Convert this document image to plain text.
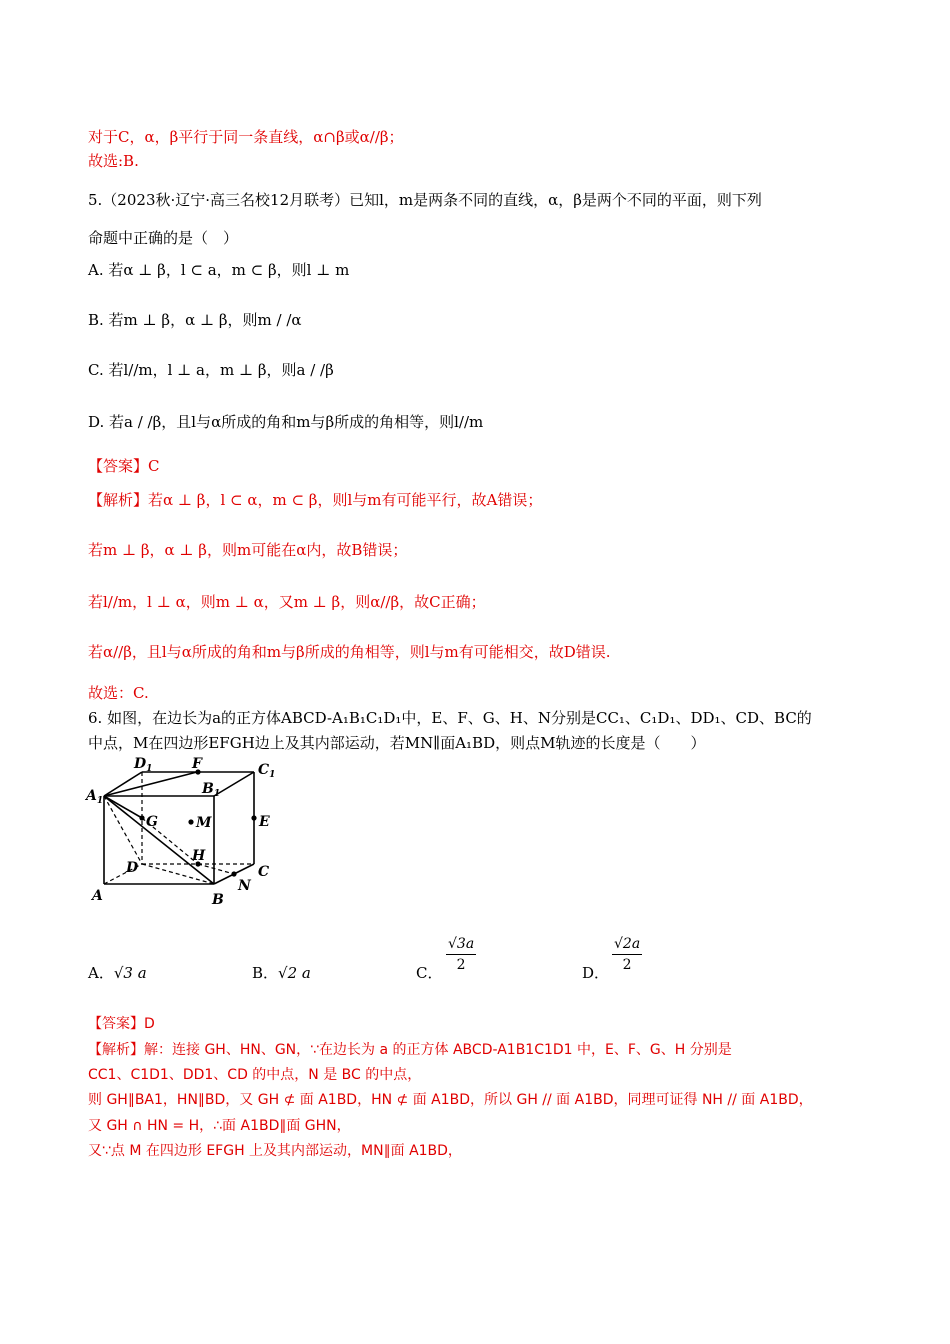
对于C，α，β平行于同一条直线，α∩β或α//β；
故选:B.
5.（2023秋·辽宁·高三名校12月联考）已知l，m是两条不同的直线，α，β是两个不同的平面，则下列
命题中正确的是（　）
A. 若α ⊥ β，l ⊂ a，m ⊂ β，则l ⊥ m
B. 若m ⊥ β，α ⊥ β，则m / /α
C. 若l//m，l ⊥ a，m ⊥ β，则a / /β
D. 若a / /β，且l与α所成的角和m与β所成的角相等，则l//m
【答案】C
【解析】若α ⊥ β，l ⊂ α，m ⊂ β，则l与m有可能平行，故A错误；
若m ⊥ β，α ⊥ β，则m可能在α内，故B错误；
若l//m，l ⊥ α，则m ⊥ α，又m ⊥ β，则α//β，故C正确；
若α//β，且l与α所成的角和m与β所成的角相等，则l与m有可能相交，故D错误.
故选：C.
6. 如图，在边长为a的正方体ABCD-A₁B₁C₁D₁中，E、F、G、H、N分别是CC₁、C₁D₁、DD₁、CD、BC的
中点，M在四边形EFGH边上及其内部运动，若MN∥面A₁BD，则点M轨迹的长度是（　　）
$A_1$
$D_1$
$B_1$
$C_1$
F
G	M	E
H
D	C
N
A	B
A．√3 a	B．√2 a	C． $\frac{√3a}{2}$	D． $\frac{√2a}{2}$
【答案】D
【解析】解：连接 GH、HN、GN，∵在边长为 a 的正方体 ABCD-A1B1C1D1 中，E、F、G、H 分别是
CC1、C1D1、DD1、CD 的中点，N 是 BC 的中点，
则 GH∥BA1，HN∥BD，又 GH ⊄ 面 A1BD，HN ⊄ 面 A1BD，所以 GH // 面 A1BD，同理可证得 NH // 面 A1BD，
又 GH ∩ HN = H，∴面 A1BD∥面 GHN，
又∵点 M 在四边形 EFGH 上及其内部运动，MN∥面 A1BD，
